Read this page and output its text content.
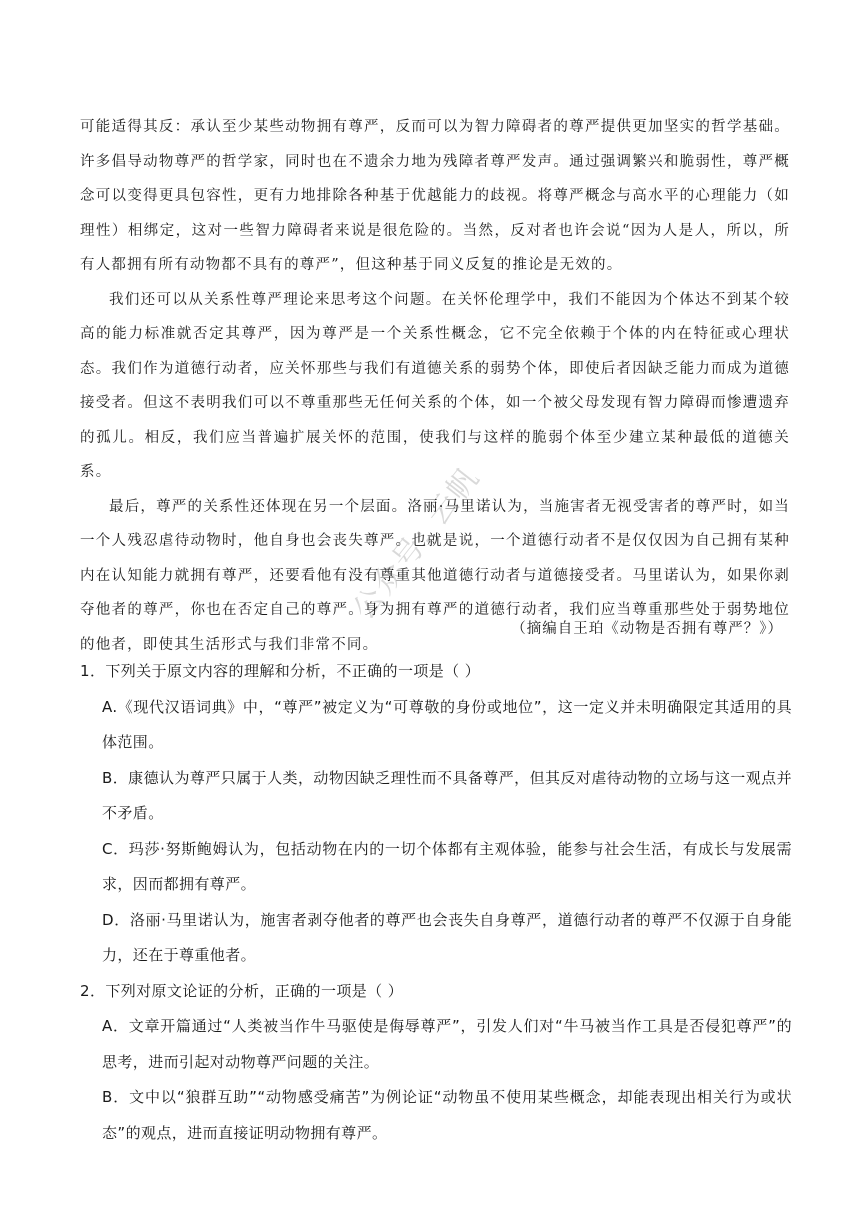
可能适得其反：承认至少某些动物拥有尊严，反而可以为智力障碍者的尊严提供更加坚实的哲学基础。许多倡导动物尊严的哲学家，同时也在不遗余力地为残障者尊严发声。通过强调繁兴和脆弱性，尊严概念可以变得更具包容性，更有力地排除各种基于优越能力的歧视。将尊严概念与高水平的心理能力（如理性）相绑定，这对一些智力障碍者来说是很危险的。当然，反对者也许会说“因为人是人，所以，所有人都拥有所有动物都不具有的尊严”，但这种基于同义反复的推论是无效的。

我们还可以从关系性尊严理论来思考这个问题。在关怀伦理学中，我们不能因为个体达不到某个较高的能力标准就否定其尊严，因为尊严是一个关系性概念，它不完全依赖于个体的内在特征或心理状态。我们作为道德行动者，应关怀那些与我们有道德关系的弱势个体，即使后者因缺乏能力而成为道德接受者。但这不表明我们可以不尊重那些无任何关系的个体，如一个被父母发现有智力障碍而惨遭遗弃的孤儿。相反，我们应当普遍扩展关怀的范围，使我们与这样的脆弱个体至少建立某种最低的道德关系。

最后，尊严的关系性还体现在另一个层面。洛丽·马里诺认为，当施害者无视受害者的尊严时，如当一个人残忍虐待动物时，他自身也会丧失尊严。也就是说，一个道德行动者不是仅仅因为自己拥有某种内在认知能力就拥有尊严，还要看他有没有尊重其他道德行动者与道德接受者。马里诺认为，如果你剥夺他者的尊严，你也在否定自己的尊严。身为拥有尊严的道德行动者，我们应当尊重那些处于弱势地位的他者，即使其生活形式与我们非常不同。

（摘编自王珀《动物是否拥有尊严？》）

1．下列关于原文内容的理解和分析，不正确的一项是（ ）

A.《现代汉语词典》中，“尊严”被定义为“可尊敬的身份或地位”，这一定义并未明确限定其适用的具体范围。

B．康德认为尊严只属于人类，动物因缺乏理性而不具备尊严，但其反对虐待动物的立场与这一观点并不矛盾。

C．玛莎·努斯鲍姆认为，包括动物在内的一切个体都有主观体验，能参与社会生活，有成长与发展需求，因而都拥有尊严。

D．洛丽·马里诺认为，施害者剥夺他者的尊严也会丧失自身尊严，道德行动者的尊严不仅源于自身能力，还在于尊重他者。

2．下列对原文论证的分析，正确的一项是（ ）

A．文章开篇通过“人类被当作牛马驱使是侮辱尊严”，引发人们对“牛马被当作工具是否侵犯尊严”的思考，进而引起对动物尊严问题的关注。

B．文中以“狼群互助”“动物感受痛苦”为例论证“动物虽不使用某些概念，却能表现出相关行为或状态”的观点，进而直接证明动物拥有尊严。

公众号: 云帆
